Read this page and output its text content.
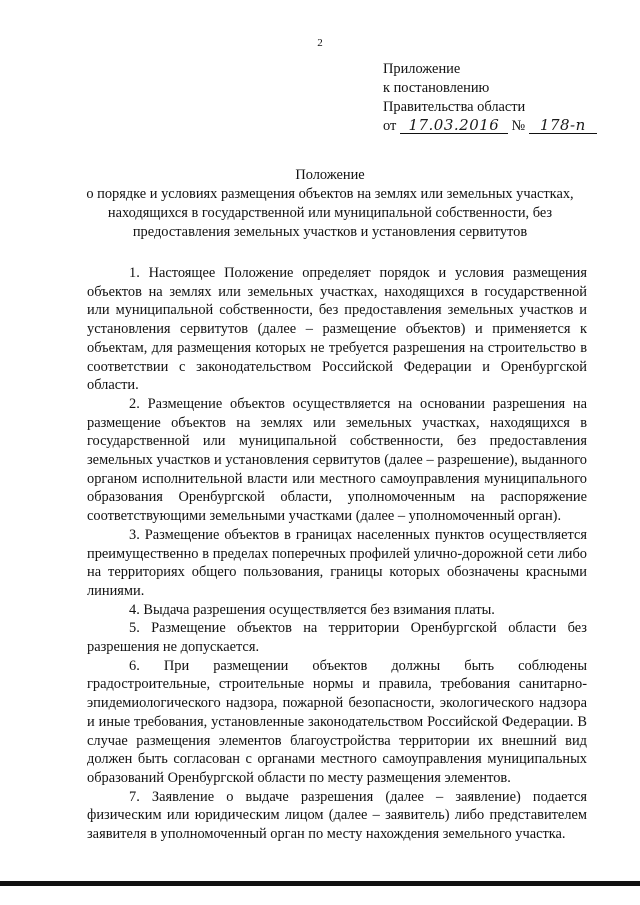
2
Приложение
к постановлению
Правительства области
от 17.03.2016 № 178-п
Положение
о порядке и условиях размещения объектов на землях или земельных участках, находящихся в государственной или муниципальной собственности, без предоставления земельных участков и установления сервитутов

1. Настоящее Положение определяет порядок и условия размещения объектов на землях или земельных участках, находящихся в государственной или муниципальной собственности, без предоставления земельных участков и установления сервитутов (далее – размещение объектов) и применяется к объектам, для размещения которых не требуется разрешения на строительство в соответствии с законодательством Российской Федерации и Оренбургской области.

2. Размещение объектов осуществляется на основании разрешения на размещение объектов на землях или земельных участках, находящихся в государственной или муниципальной собственности, без предоставления земельных участков и установления сервитутов (далее – разрешение), выданного органом исполнительной власти или местного самоуправления муниципального образования Оренбургской области, уполномоченным на распоряжение соответствующими земельными участками (далее – уполномоченный орган).

3. Размещение объектов в границах населенных пунктов осуществляется преимущественно в пределах поперечных профилей улично-дорожной сети либо на территориях общего пользования, границы которых обозначены красными линиями.

4. Выдача разрешения осуществляется без взимания платы.

5. Размещение объектов на территории Оренбургской области без разрешения не допускается.

6. При размещении объектов должны быть соблюдены градостроительные, строительные нормы и правила, требования санитарно-эпидемиологического надзора, пожарной безопасности, экологического надзора и иные требования, установленные законодательством Российской Федерации. В случае размещения элементов благоустройства территории их внешний вид должен быть согласован с органами местного самоуправления муниципальных образований Оренбургской области по месту размещения элементов.

7. Заявление о выдаче разрешения (далее – заявление) подается физическим или юридическим лицом (далее – заявитель) либо представителем заявителя в уполномоченный орган по месту нахождения земельного участка.
